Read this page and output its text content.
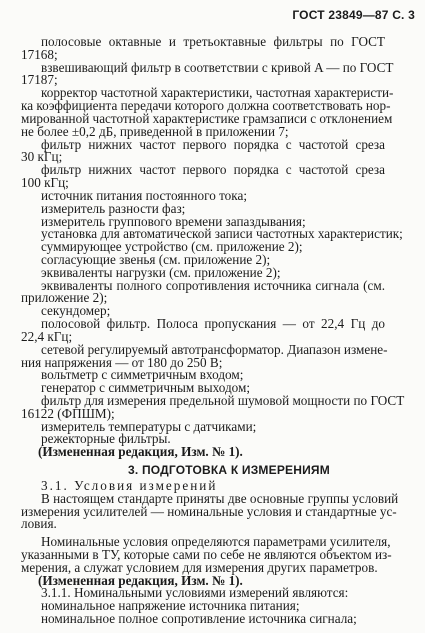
ГОСТ 23849—87 С. 3
полосовые октавные и третьоктавные фильтры по ГОСТ
17168;
взвешивающий фильтр в соответствии с кривой A — по ГОСТ
17187;
корректор частотной характеристики, частотная характеристи-
ка коэффициента передачи которого должна соответствовать нор-
мированной частотной характеристике грамзаписи с отклонением
не более ±0,2 дБ, приведенной в приложении 7;
фильтр нижних частот первого порядка с частотой среза
30 кГц;
фильтр нижних частот первого порядка с частотой среза
100 кГц;
источник питания постоянного тока;
измеритель разности фаз;
измеритель группового времени запаздывания;
установка для автоматической записи частотных характеристик;
суммирующее устройство (см. приложение 2);
согласующие звенья (см. приложение 2);
эквиваленты нагрузки (см. приложение 2);
эквиваленты полного сопротивления источника сигнала (см.
приложение 2);
секундомер;
полосовой фильтр. Полоса пропускания — от 22,4 Гц до
22,4 кГц;
сетевой регулируемый автотрансформатор. Диапазон измене-
ния напряжения — от 180 до 250 В;
вольтметр с симметричным входом;
генератор с симметричным выходом;
фильтр для измерения предельной шумовой мощности по ГОСТ
16122 (ФПШМ);
измеритель температуры с датчиками;
режекторные фильтры.
(Измененная редакция, Изм. № 1).
3. ПОДГОТОВКА К ИЗМЕРЕНИЯМ
3.1. Условия измерений
В настоящем стандарте приняты две основные группы условий
измерения усилителей — номинальные условия и стандартные ус-
ловия.
Номинальные условия определяются параметрами усилителя,
указанными в ТУ, которые сами по себе не являются объектом из-
мерения, а служат условием для измерения других параметров.
(Измененная редакция, Изм. № 1).
3.1.1. Номинальными условиями измерений являются:
номинальное напряжение источника питания;
номинальное полное сопротивление источника сигнала;
